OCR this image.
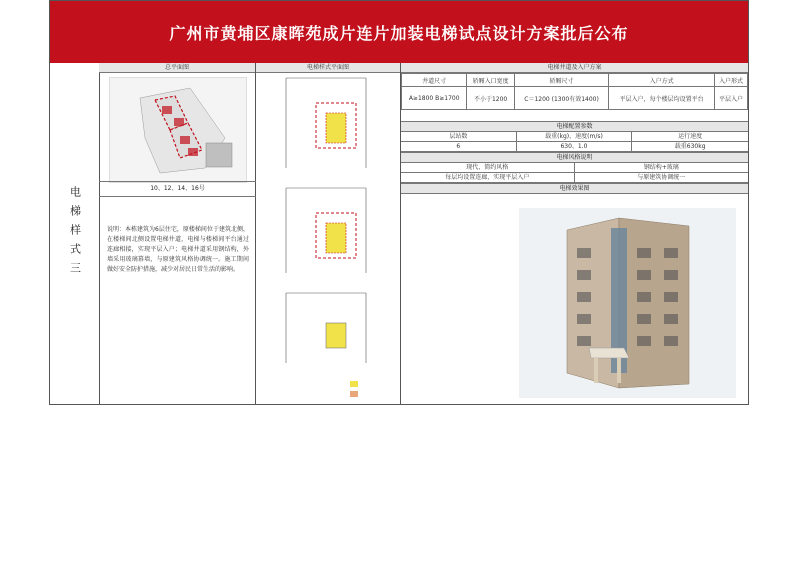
广州市黄埔区康晖苑成片连片加装电梯试点设计方案批后公布
电梯样式三
总平面图
10、12、14、16号
说明：本栋建筑为6层住宅，原楼梯间位于建筑北侧，在楼梯间北侧设置电梯井道，电梯与楼梯间平台通过连廊相接，实现平层入户；电梯井道采用钢结构，外墙采用玻璃幕墙，与原建筑风格协调统一。施工期间做好安全防护措施，减少对居民日常生活的影响。
电梯样式平面图	电梯井道及入户方案
井道尺寸	轿厢入口宽度	轿厢尺寸	入户方式	入户形式
A≥1800 B≥1700	不小于1200	C＝1200 (1300有效1400)	平层入户，每个楼层均设置平台	平层入户
电梯配置参数
层站数	载重(kg)、速度(m/s)	运行速度
6	630、1.0	载重630kg
电梯风格说明
现代、简约风格	钢结构+玻璃
每层均设置连廊，实现平层入户	与原建筑协调统一
电梯效果图
